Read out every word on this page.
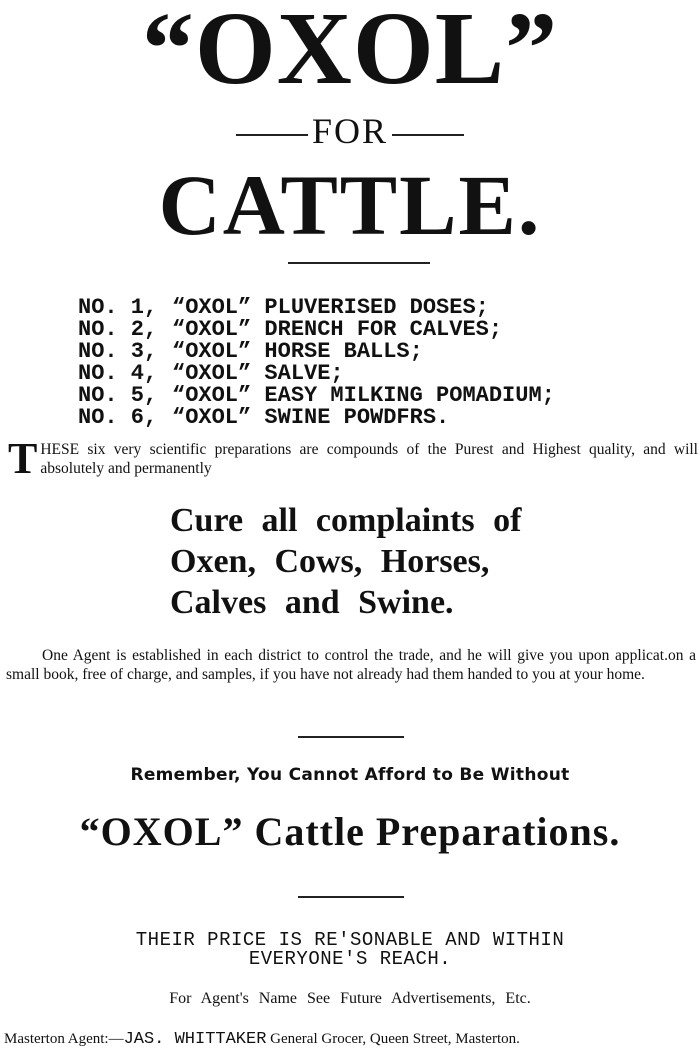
“OXOL”
FOR
CATTLE.
NO. 1, “OXOL” PLUVERISED DOSES;
NO. 2, “OXOL” DRENCH FOR CALVES;
NO. 3, “OXOL” HORSE BALLS;
NO. 4, “OXOL” SALVE;
NO. 5, “OXOL” EASY MILKING POMADIUM;
NO. 6, “OXOL” SWINE POWDFRS.
THESE six very scientific preparations are compounds of the Purest and Highest quality, and will absolutely and permanently
Cure all complaints of
Oxen, Cows, Horses,
Calves and Swine.
One Agent is established in each district to control the trade, and he will give you upon applicat.on a small book, free of charge, and samples, if you have not already had them handed to you at your home.
Remember, You Cannot Afford to Be Without
“OXOL” Cattle Preparations.
THEIR PRICE IS RE'SONABLE AND WITHIN
EVERYONE'S REACH.
For Agent's Name See Future Advertisements, Etc.
Masterton Agent:—JAS. WHITTAKER General Grocer, Queen Street, Masterton.
